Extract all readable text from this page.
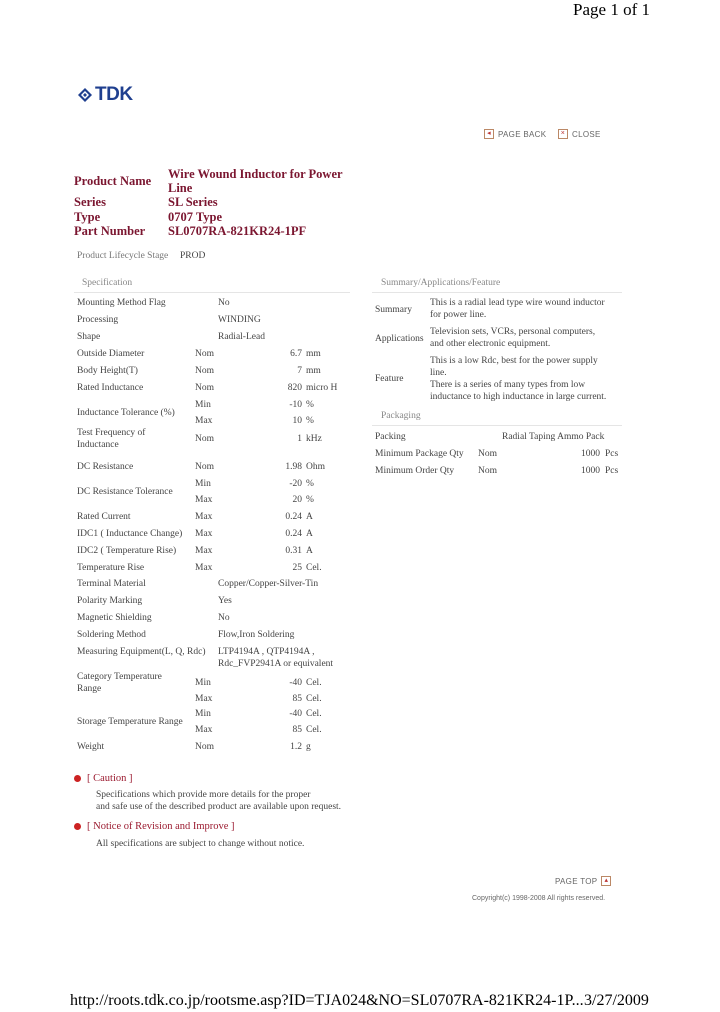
Page 1 of 1
TDK
◂ PAGE BACK	× CLOSE
Product Name Wire Wound Inductor for Power
Line
Series	SL Series
Type	0707 Type
Part Number SL0707RA-821KR24-1PF
Product Lifecycle Stage PROD
Specification
Mounting Method Flag	No
Processing	WINDING
Shape	Radial-Lead
Outside Diameter	Nom	6.7 mm
Body Height(T)	Nom	7 mm
Rated Inductance	Nom	820 micro H
Inductance Tolerance (%)
Min	-10 %
Max	10 %
Test Frequency of
Inductance
Nom	1 kHz
DC Resistance	Nom	1.98 Ohm
DC Resistance Tolerance
Min	-20 %
Max	20 %
Rated Current	Max	0.24 A
IDC1 ( Inductance Change) Max	0.24 A
IDC2 ( Temperature Rise) Max	0.31 A
Temperature Rise	Max	25 Cel.
Terminal Material	Copper/Copper-Silver-Tin
Polarity Marking	Yes
Magnetic Shielding	No
Soldering Method	Flow,Iron Soldering
Measuring Equipment(L, Q, Rdc) LTP4194A , QTP4194A ,
Rdc_FVP2941A or equivalent
Category Temperature
Range
Min	-40 Cel.
Max	85 Cel.
Storage Temperature Range
Min	-40 Cel.
Max	85 Cel.
Weight	Nom	1.2 g
Summary/Applications/Feature
Summary
This is a radial lead type wire wound inductor
for power line.
Applications
Television sets, VCRs, personal computers,
and other electronic equipment.
Feature
This is a low Rdc, best for the power supply
line.
There is a series of many types from low
inductance to high inductance in large current.
Packaging
Packing	Radial Taping Ammo Pack
Minimum Package Qty Nom	1000 Pcs
Minimum Order Qty	Nom	1000 Pcs
[ Caution ]
Specifications which provide more details for the proper
and safe use of the described product are available upon request.
[ Notice of Revision and Improve ]
All specifications are subject to change without notice.
PAGE TOP	▴
Copyright(c) 1998-2008 All rights reserved.
http://roots.tdk.co.jp/rootsme.asp?ID=TJA024&NO=SL0707RA-821KR24-1P... 3/27/2009
